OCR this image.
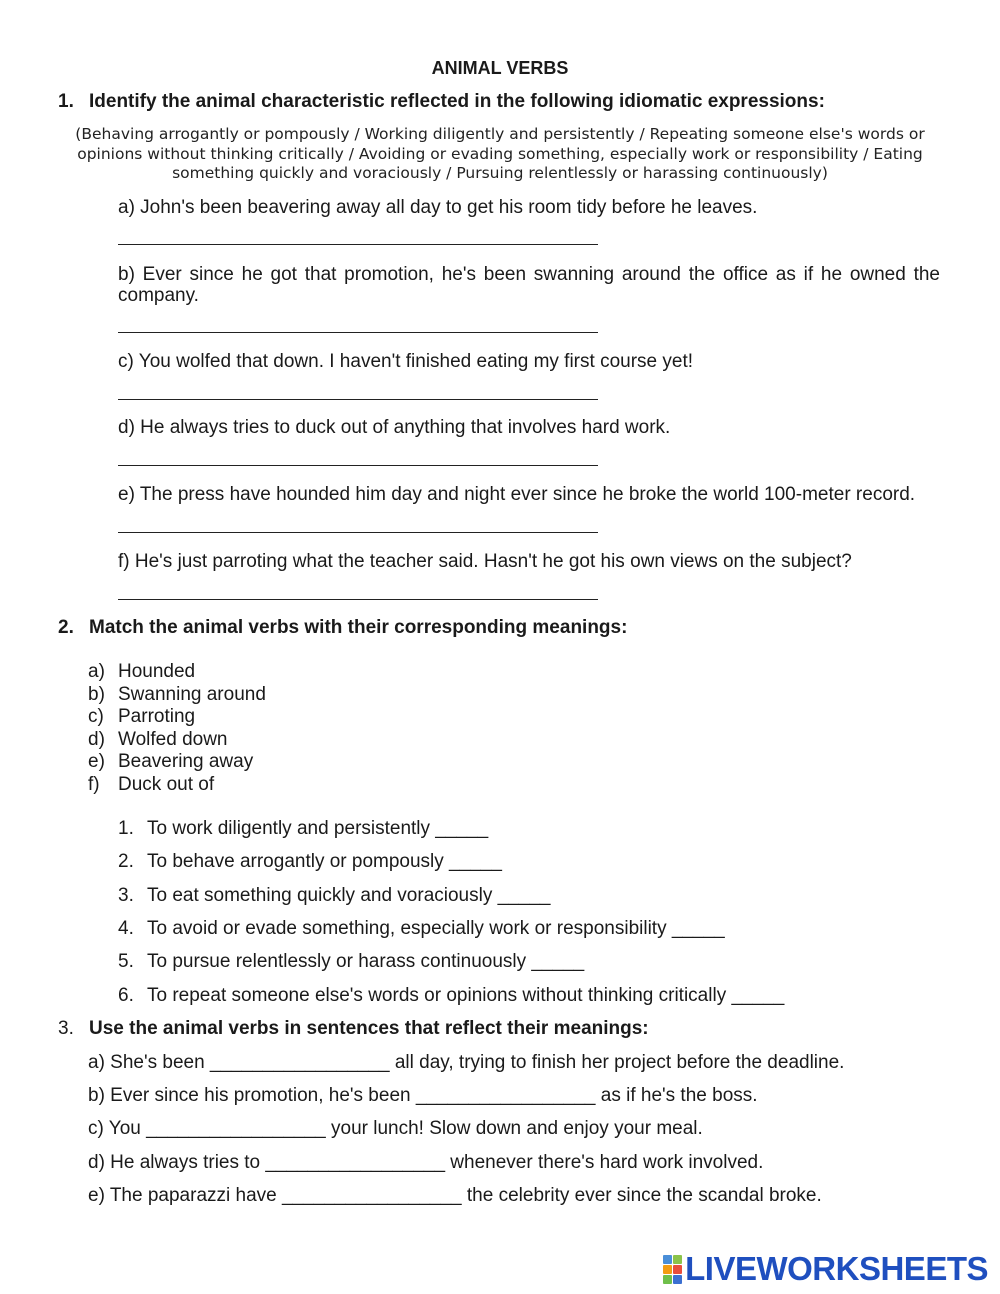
ANIMAL VERBS
1. Identify the animal characteristic reflected in the following idiomatic expressions:
(Behaving arrogantly or pompously / Working diligently and persistently / Repeating someone else's words or opinions without thinking critically / Avoiding or evading something, especially work or responsibility / Eating something quickly and voraciously / Pursuing relentlessly or harassing continuously)
a) John's been beavering away all day to get his room tidy before he leaves.
b) Ever since he got that promotion, he's been swanning around the office as if he owned the company.
c) You wolfed that down. I haven't finished eating my first course yet!
d) He always tries to duck out of anything that involves hard work.
e) The press have hounded him day and night ever since he broke the world 100-meter record.
f) He's just parroting what the teacher said. Hasn't he got his own views on the subject?
2. Match the animal verbs with their corresponding meanings:
a) Hounded
b) Swanning around
c) Parroting
d) Wolfed down
e) Beavering away
f) Duck out of
1. To work diligently and persistently _____
2. To behave arrogantly or pompously _____
3. To eat something quickly and voraciously _____
4. To avoid or evade something, especially work or responsibility _____
5. To pursue relentlessly or harass continuously _____
6. To repeat someone else's words or opinions without thinking critically _____
3. Use the animal verbs in sentences that reflect their meanings:
a) She's been _________________ all day, trying to finish her project before the deadline.
b) Ever since his promotion, he's been _________________ as if he's the boss.
c) You _________________ your lunch! Slow down and enjoy your meal.
d) He always tries to _________________ whenever there's hard work involved.
e) The paparazzi have _________________ the celebrity ever since the scandal broke.
LIVEWORKSHEETS
